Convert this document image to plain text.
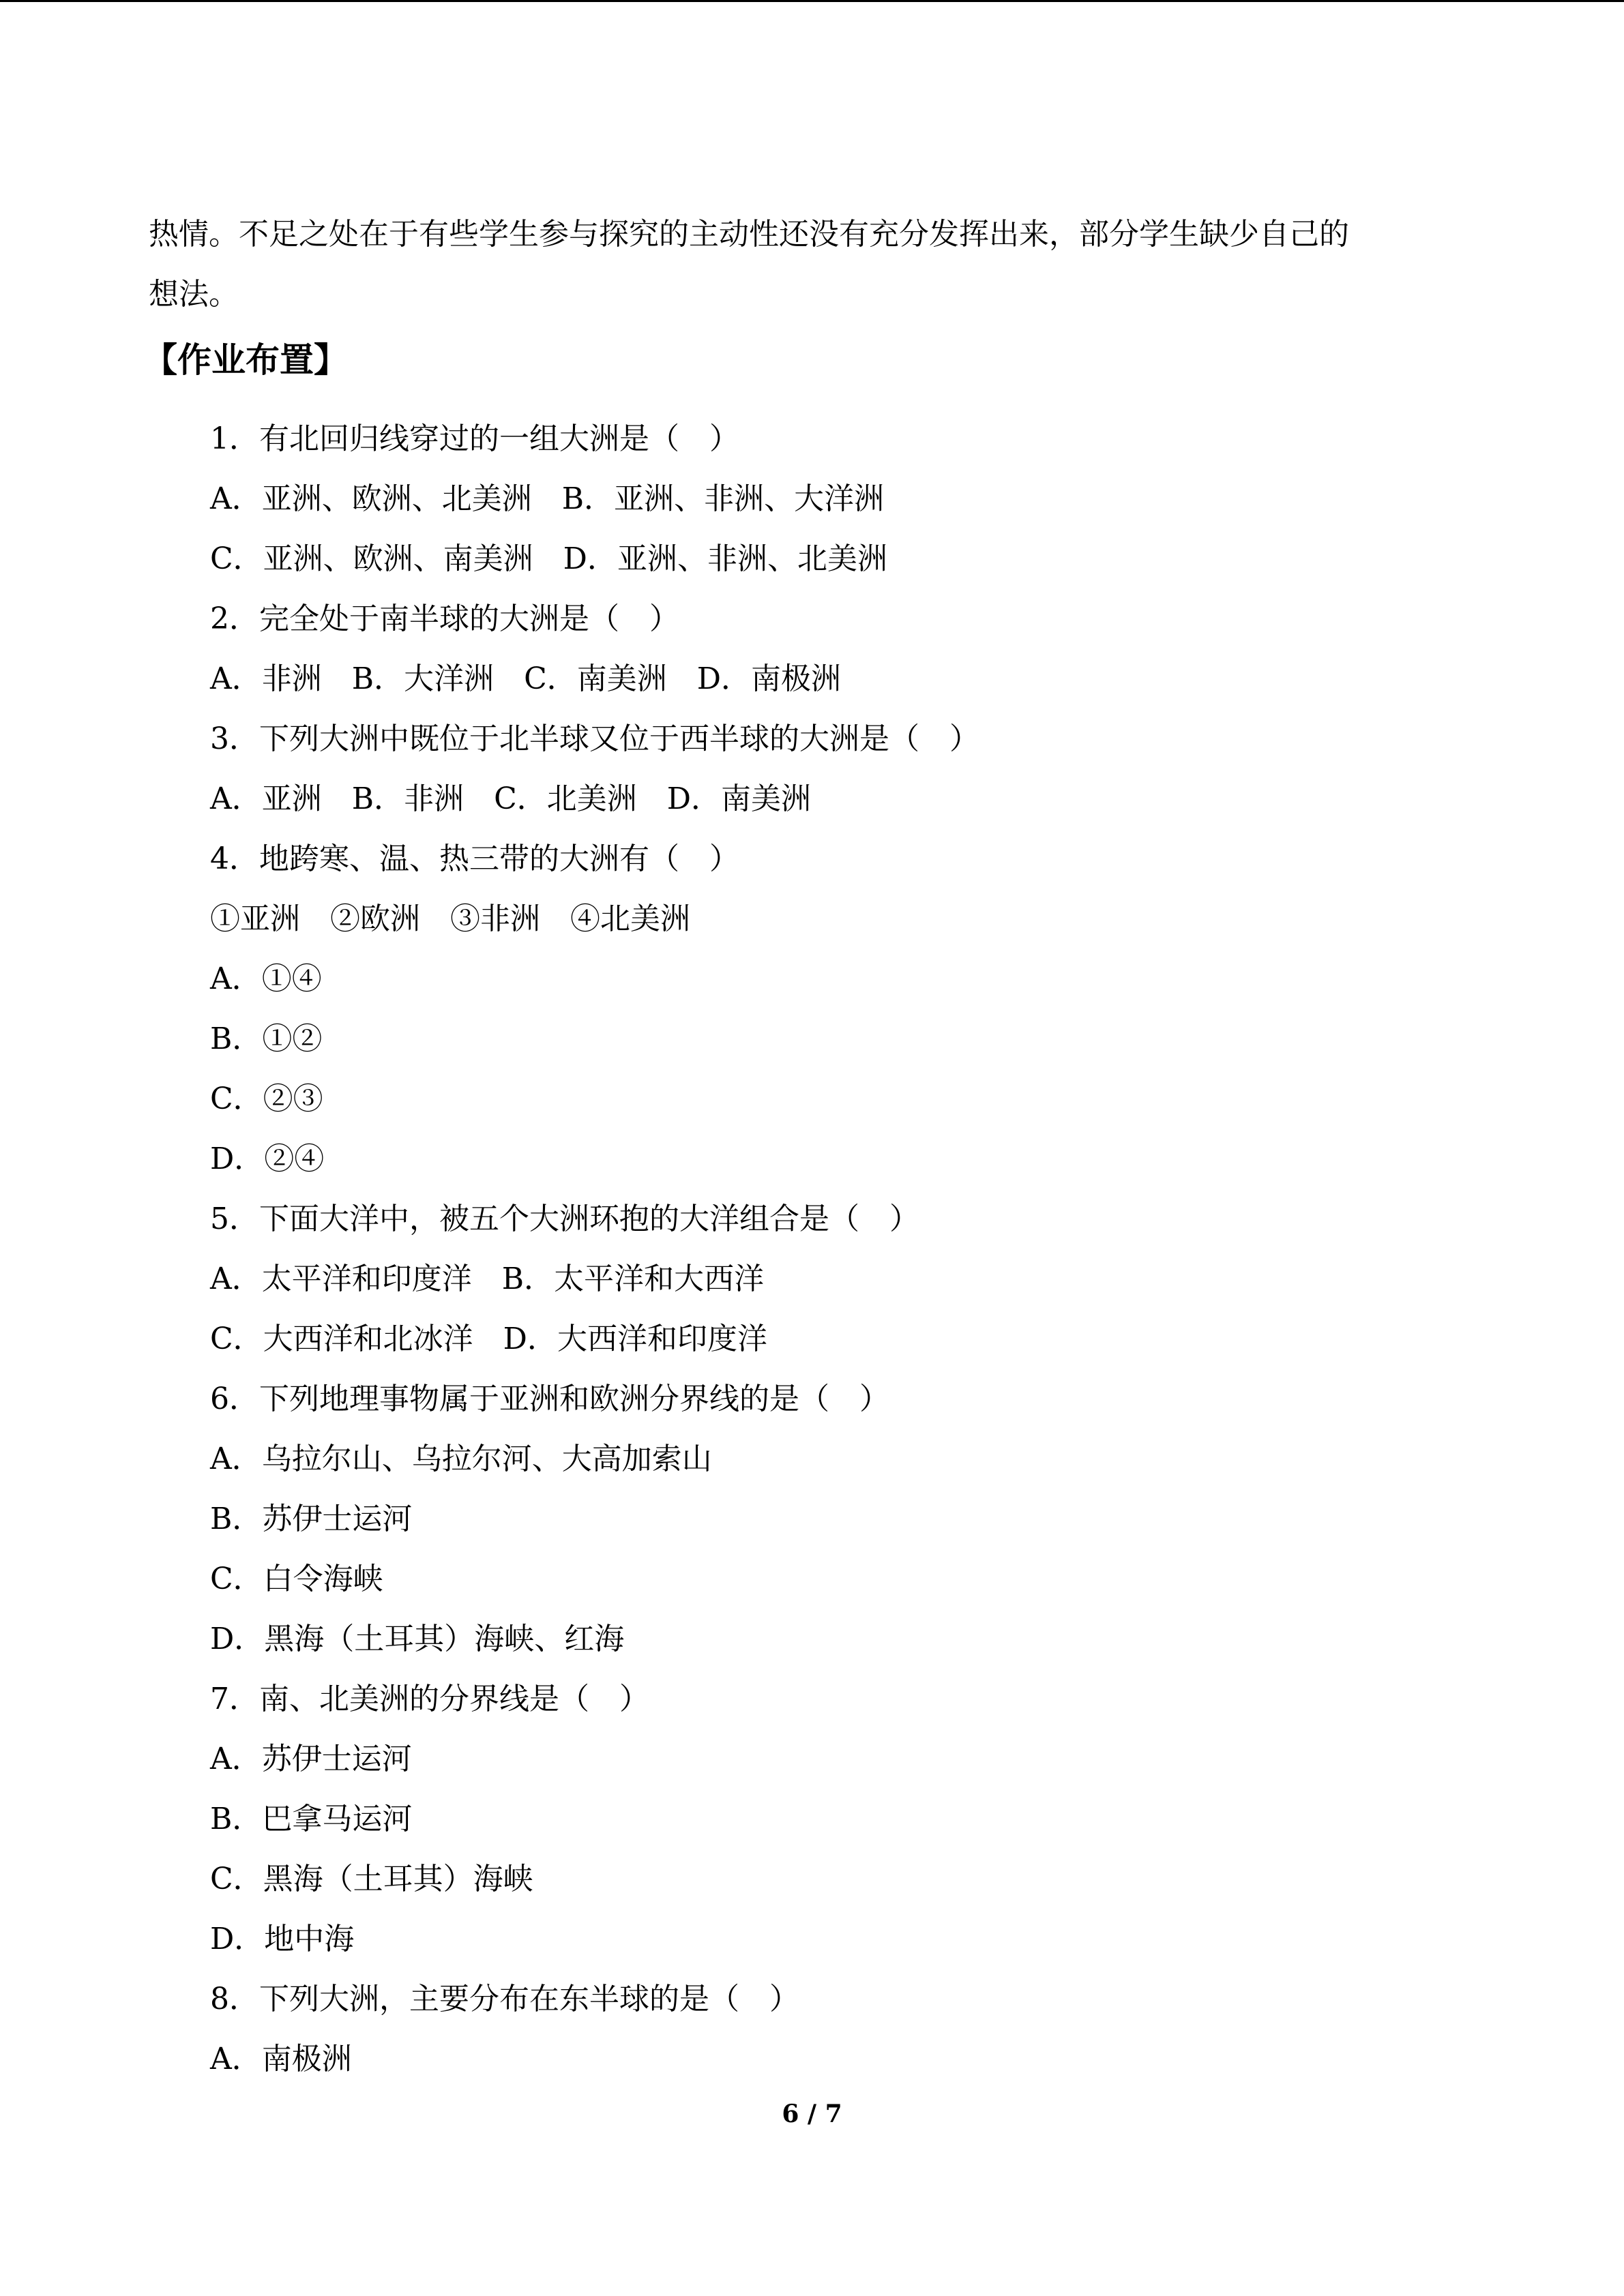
热情。不足之处在于有些学生参与探究的主动性还没有充分发挥出来，部分学生缺少自己的

想法。

【作业布置】
1．有北回归线穿过的一组大洲是（　）
A．亚洲、欧洲、北美洲　B．亚洲、非洲、大洋洲
C．亚洲、欧洲、南美洲　D．亚洲、非洲、北美洲
2．完全处于南半球的大洲是（　）
A．非洲　B．大洋洲　C．南美洲　D．南极洲
3．下列大洲中既位于北半球又位于西半球的大洲是（　）
A．亚洲　B．非洲　C．北美洲　D．南美洲
4．地跨寒、温、热三带的大洲有（　）
①亚洲　②欧洲　③非洲　④北美洲
A．①④
B．①②
C．②③
D．②④
5．下面大洋中，被五个大洲环抱的大洋组合是（　）
A．太平洋和印度洋　B．太平洋和大西洋
C．大西洋和北冰洋　D．大西洋和印度洋
6．下列地理事物属于亚洲和欧洲分界线的是（　）
A．乌拉尔山、乌拉尔河、大高加索山
B．苏伊士运河
C．白令海峡
D．黑海（土耳其）海峡、红海
7．南、北美洲的分界线是（　）
A．苏伊士运河
B．巴拿马运河
C．黑海（土耳其）海峡
D．地中海
8．下列大洲，主要分布在东半球的是（　）
A．南极洲
6 / 7
